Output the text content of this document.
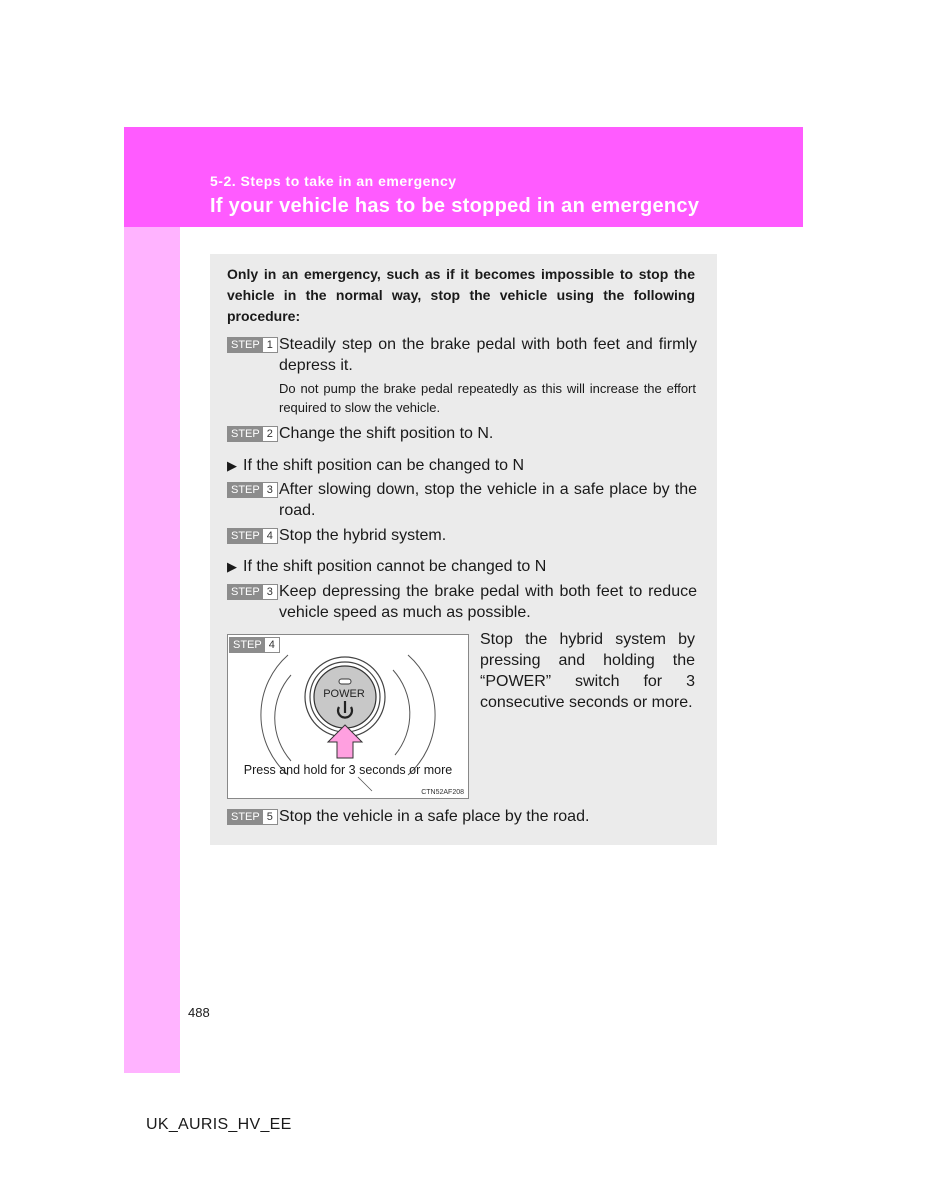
5-2. Steps to take in an emergency
If your vehicle has to be stopped in an emergency
Only in an emergency, such as if it becomes impossible to stop the vehicle in the normal way, stop the vehicle using the following procedure:
STEP 1 Steadily step on the brake pedal with both feet and firmly depress it.
Do not pump the brake pedal repeatedly as this will increase the effort required to slow the vehicle.
STEP 2 Change the shift position to N.
▶ If the shift position can be changed to N
STEP 3 After slowing down, stop the vehicle in a safe place by the road.
STEP 4 Stop the hybrid system.
▶ If the shift position cannot be changed to N
STEP 3 Keep depressing the brake pedal with both feet to reduce vehicle speed as much as possible.
STEP 4
POWER
Press and hold for 3 seconds or more
CTN52AF208
Stop the hybrid system by pressing and holding the “POWER” switch for 3 consecutive seconds or more.
STEP 5 Stop the vehicle in a safe place by the road.
488
UK_AURIS_HV_EE
